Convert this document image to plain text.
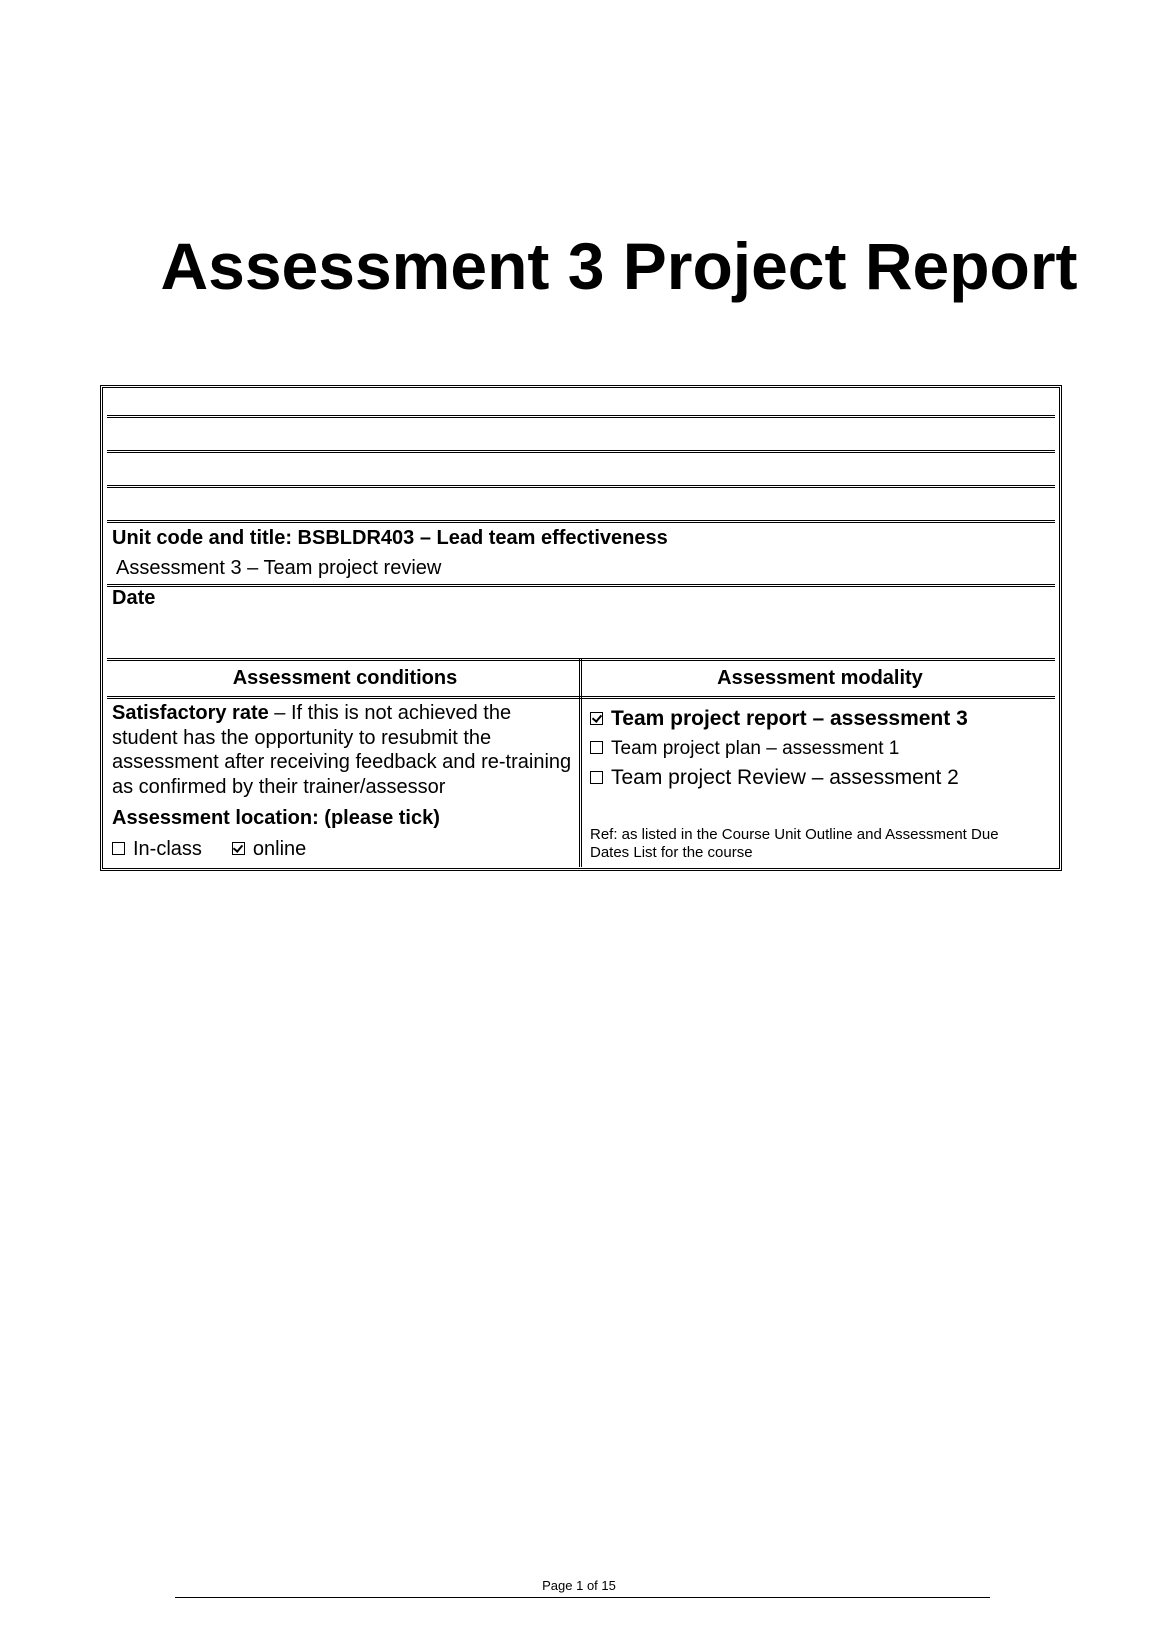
Assessment 3 Project Report
Unit code and title: BSBLDR403 – Lead team effectiveness
Assessment 3 – Team project review
Date
Assessment conditions	Assessment modality
Satisfactory rate – If this is not achieved the student has the opportunity to resubmit the assessment after receiving feedback and re-training as confirmed by their trainer/assessor
Assessment location: (please tick)
In-class	online
Team project report – assessment 3
Team project plan – assessment 1
Team project Review – assessment 2
Ref: as listed in the Course Unit Outline and Assessment Due Dates List for the course
Page 1 of 15
